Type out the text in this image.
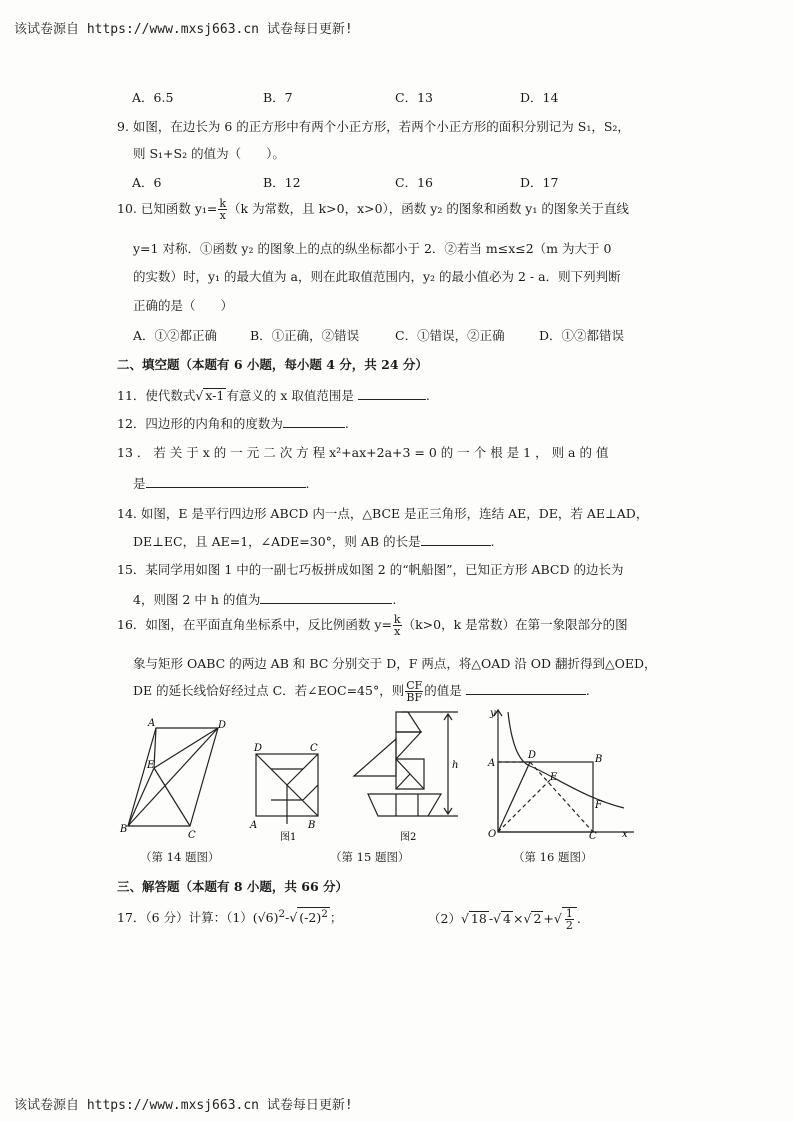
该试卷源自 https://www.mxsj663.cn 试卷每日更新!
A．6.5	B．7	C．13	D．14
9. 如图，在边长为 6 的正方形中有两个小正方形，若两个小正方形的面积分别记为 S₁，S₂，
则 S₁+S₂ 的值为（　　）。
A．6	B．12	C．16	D．17
10. 已知函数 $y_1= \frac{k}{x} (k$ 为常数，且 k>0，x>0），函数 y₂ 的图象和函数 y₁ 的图象关于直线
y=1 对称．①函数 y₂ 的图象上的点的纵坐标都小于 2．②若当 m≤x≤2（m 为大于 0
的实数）时，y₁ 的最大值为 a，则在此取值范围内，y₂ 的最小值必为 2 - a．则下列判断
正确的是（　　）
A．①②都正确	B．①正确，②错误	C．①错误，②正确	D．①②都错误
二、填空题（本题有 6 小题，每小题 4 分，共 24 分）
11．使代数式√ x-1 有意义的 x 取值范围是	.
12．四边形的内角和的度数为	.
13 ． 若 关 于 x 的 一 元 二 次 方 程 x²+ax+2a+3 = 0 的 一 个 根 是 1 ， 则 a 的 值
是	.
14. 如图，E 是平行四边形 ABCD 内一点，△BCE 是正三角形，连结 AE，DE，若 AE⊥AD，
DE⊥EC，且 AE=1，∠ADE=30°，则 AB 的长是	.
15．某同学用如图 1 中的一副七巧板拼成如图 2 的“帆船图”，已知正方形 ABCD 的边长为
4，则图 2 中 h 的值为	.
16．如图，在平面直角坐标系中，反比例函数 $y= \frac{k}{x} (k>0$，k 是常数）在第一象限部分的图
象与矩形 OABC 的两边 AB 和 BC 分别交于 D，F 两点，将△OAD 沿 OD 翻折得到△OED，
DE 的延长线恰好经过点 C．若∠EOC=45°，则 $\frac{CF}{BF}$ 的值是	.
A	D
E
B
C
（第 14 题图）
D	C
A	B
图1	图2
h
（第 15 题图）
y
A
D	B
E
F
O	C	x
（第 16 题图）
三、解答题（本题有 8 小题，共 66 分）
17．（6 分）计算：$(1)(√6)^2-√$ $(-2)^2$ ；	（2）√ 18 -√ 4 ×√ 2 +√ $\frac{1}{2}$ .
该试卷源自 https://www.mxsj663.cn 试卷每日更新!
